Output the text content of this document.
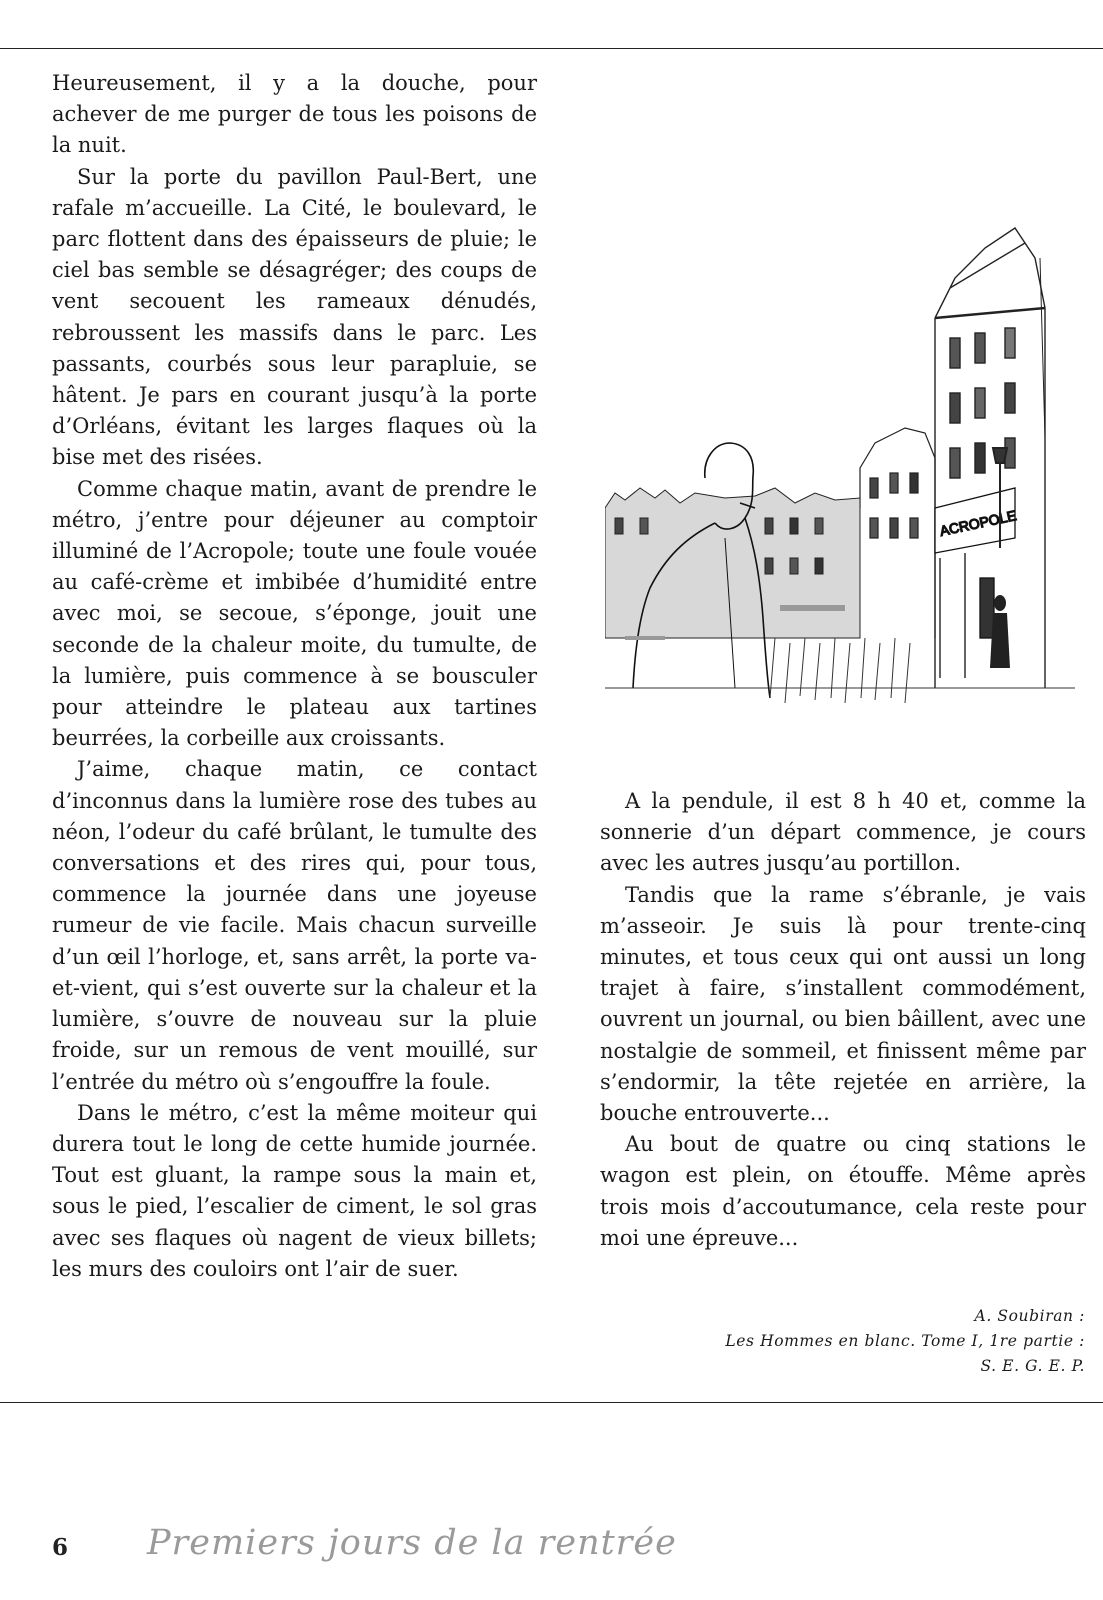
Heureusement, il y a la douche, pour achever de me purger de tous les poisons de la nuit.

Sur la porte du pavillon Paul-Bert, une rafale m’accueille. La Cité, le boulevard, le parc flottent dans des épaisseurs de pluie; le ciel bas semble se désagréger; des coups de vent secouent les rameaux dénudés, rebroussent les massifs dans le parc. Les passants, courbés sous leur parapluie, se hâtent. Je pars en courant jusqu’à la porte d’Orléans, évitant les larges flaques où la bise met des risées.

Comme chaque matin, avant de prendre le métro, j’entre pour déjeuner au comptoir illuminé de l’Acropole; toute une foule vouée au café-crème et imbibée d’humidité entre avec moi, se secoue, s’éponge, jouit une seconde de la chaleur moite, du tumulte, de la lumière, puis commence à se bousculer pour atteindre le plateau aux tartines beurrées, la corbeille aux croissants.

J’aime, chaque matin, ce contact d’inconnus dans la lumière rose des tubes au néon, l’odeur du café brûlant, le tumulte des conversations et des rires qui, pour tous, commence la journée dans une joyeuse rumeur de vie facile. Mais chacun surveille d’un œil l’horloge, et, sans arrêt, la porte va-et-vient, qui s’est ouverte sur la chaleur et la lumière, s’ouvre de nouveau sur la pluie froide, sur un remous de vent mouillé, sur l’entrée du métro où s’engouffre la foule.

Dans le métro, c’est la même moiteur qui durera tout le long de cette humide journée. Tout est gluant, la rampe sous la main et, sous le pied, l’escalier de ciment, le sol gras avec ses flaques où nagent de vieux billets; les murs des couloirs ont l’air de suer.

ACROPOLE

A la pendule, il est 8 h 40 et, comme la sonnerie d’un départ commence, je cours avec les autres jusqu’au portillon.

Tandis que la rame s’ébranle, je vais m’asseoir. Je suis là pour trente-cinq minutes, et tous ceux qui ont aussi un long trajet à faire, s’installent commodément, ouvrent un journal, ou bien bâillent, avec une nostalgie de sommeil, et finissent même par s’endormir, la tête rejetée en arrière, la bouche entrouverte...

Au bout de quatre ou cinq stations le wagon est plein, on étouffe. Même après trois mois d’accoutumance, cela reste pour moi une épreuve...

A. Soubiran :
Les Hommes en blanc. Tome I, 1re partie :
S. E. G. E. P.
6 Premiers jours de la rentrée
